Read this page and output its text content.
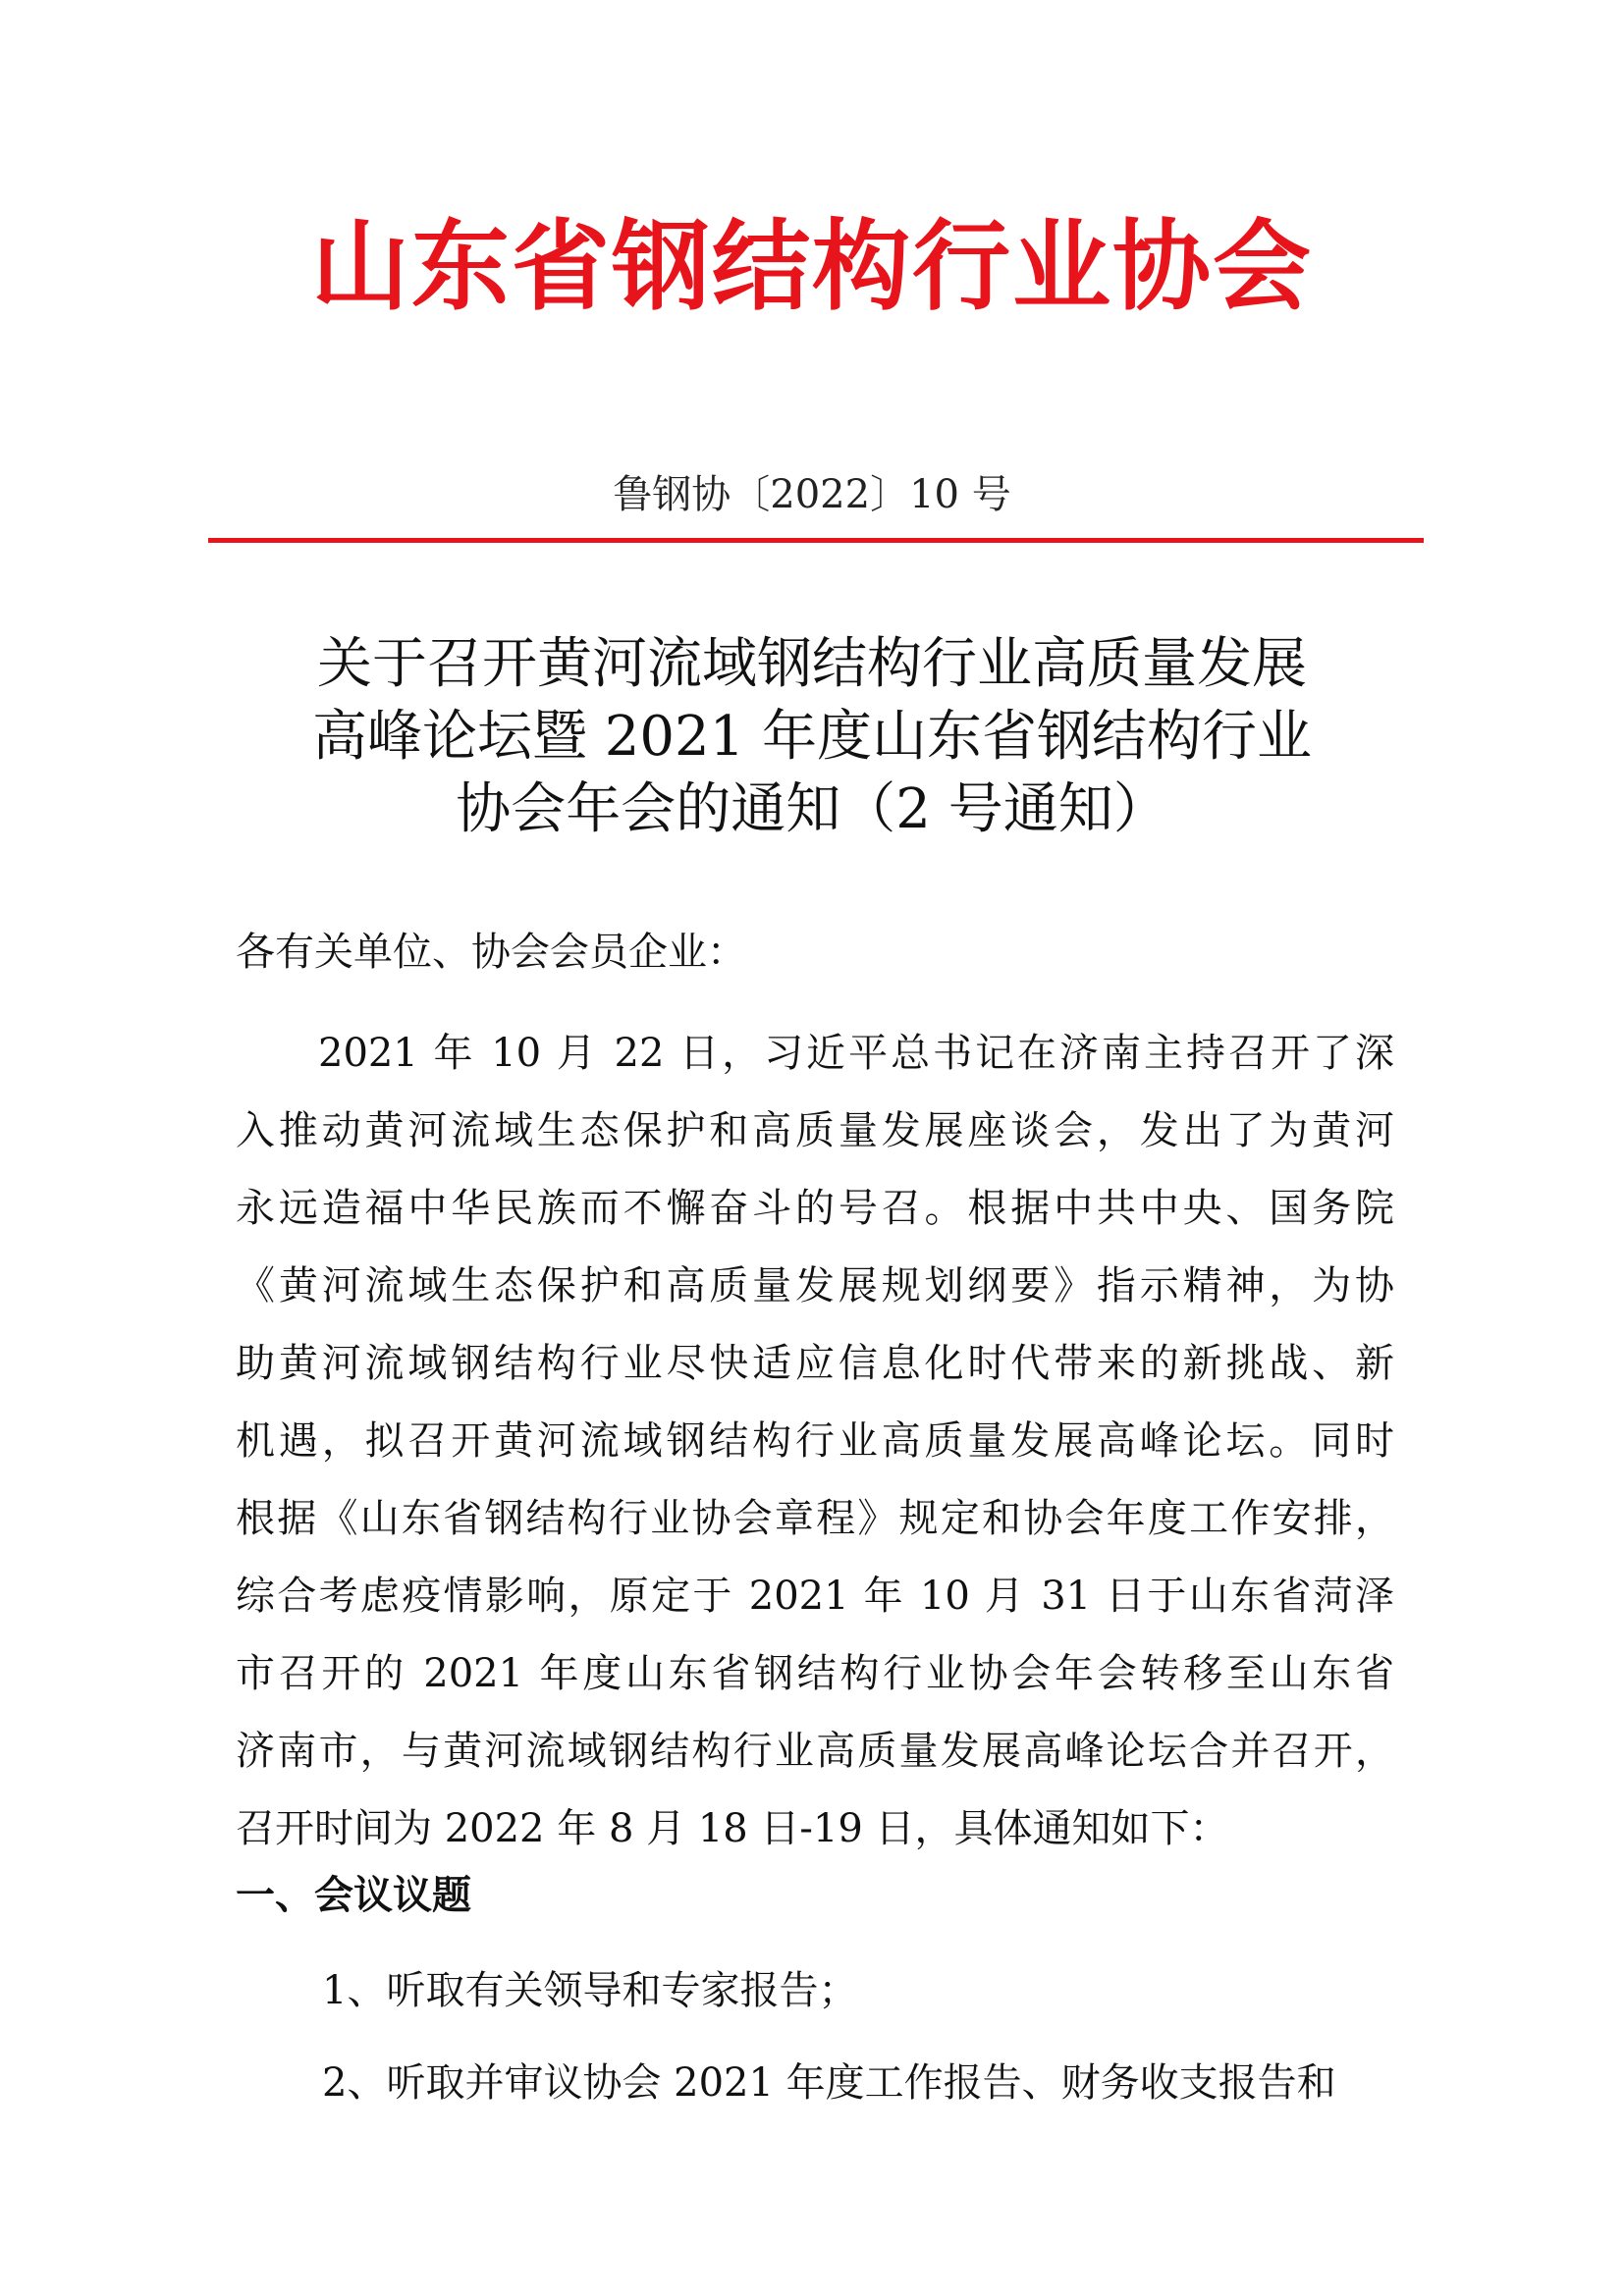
山东省钢结构行业协会
鲁钢协〔2022〕10 号
关于召开黄河流域钢结构行业高质量发展
高峰论坛暨 2021 年度山东省钢结构行业
协会年会的通知（2 号通知）
各有关单位、协会会员企业：
2021 年 10 月 22 日，习近平总书记在济南主持召开了深
入推动黄河流域生态保护和高质量发展座谈会，发出了为黄河
永远造福中华民族而不懈奋斗的号召。根据中共中央、国务院
《黄河流域生态保护和高质量发展规划纲要》指示精神，为协
助黄河流域钢结构行业尽快适应信息化时代带来的新挑战、新
机遇，拟召开黄河流域钢结构行业高质量发展高峰论坛。同时
根据《山东省钢结构行业协会章程》规定和协会年度工作安排，
综合考虑疫情影响，原定于 2021 年 10 月 31 日于山东省菏泽
市召开的 2021 年度山东省钢结构行业协会年会转移至山东省
济南市，与黄河流域钢结构行业高质量发展高峰论坛合并召开，
召开时间为 2022 年 8 月 18 日-19 日，具体通知如下：
一、会议议题
1、听取有关领导和专家报告；
2、听取并审议协会 2021 年度工作报告、财务收支报告和
